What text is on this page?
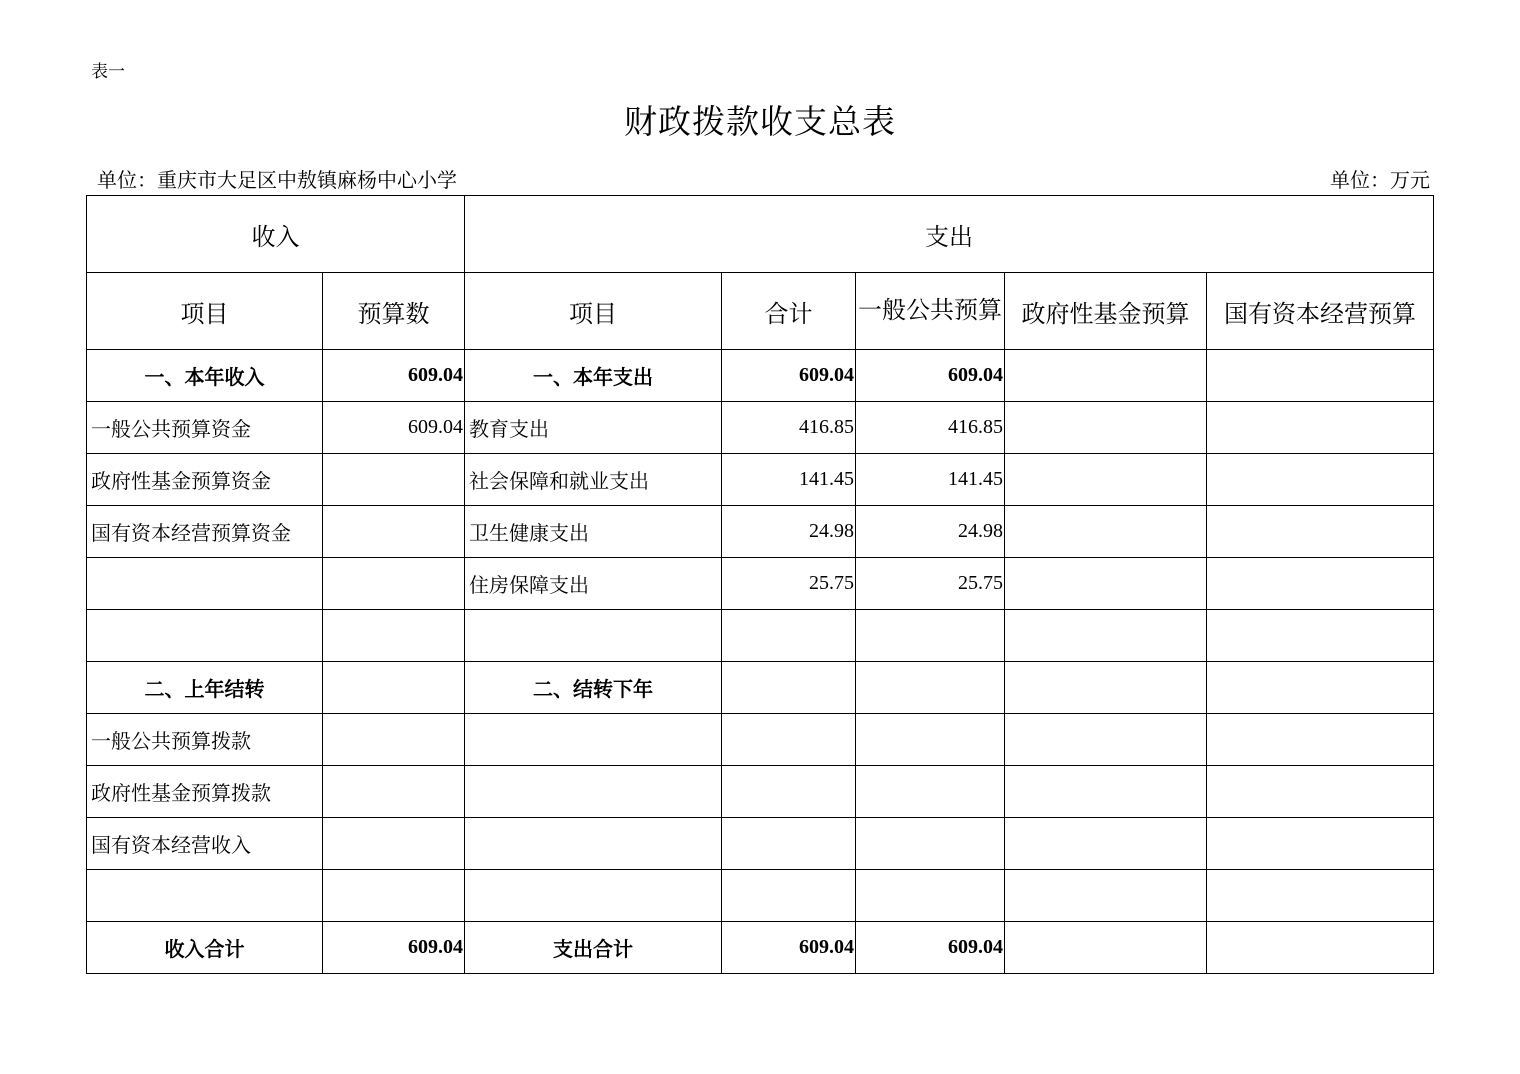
表一
财政拨款收支总表
单位：重庆市大足区中敖镇麻杨中心小学	单位：万元
收入		支出				
项目	预算数	项目	合计	一般公共预算	政府性基金预算	国有资本经营预算
一、本年收入	609.04	一、本年支出	609.04	609.04		
一般公共预算资金	609.04	教育支出	416.85	416.85		
政府性基金预算资金		社会保障和就业支出	141.45	141.45		
国有资本经营预算资金		卫生健康支出	24.98	24.98		
		住房保障支出	25.75	25.75		

二、上年结转		二、结转下年				
一般公共预算拨款						
政府性基金预算拨款						
国有资本经营收入						

收入合计	609.04	支出合计	609.04	609.04		
